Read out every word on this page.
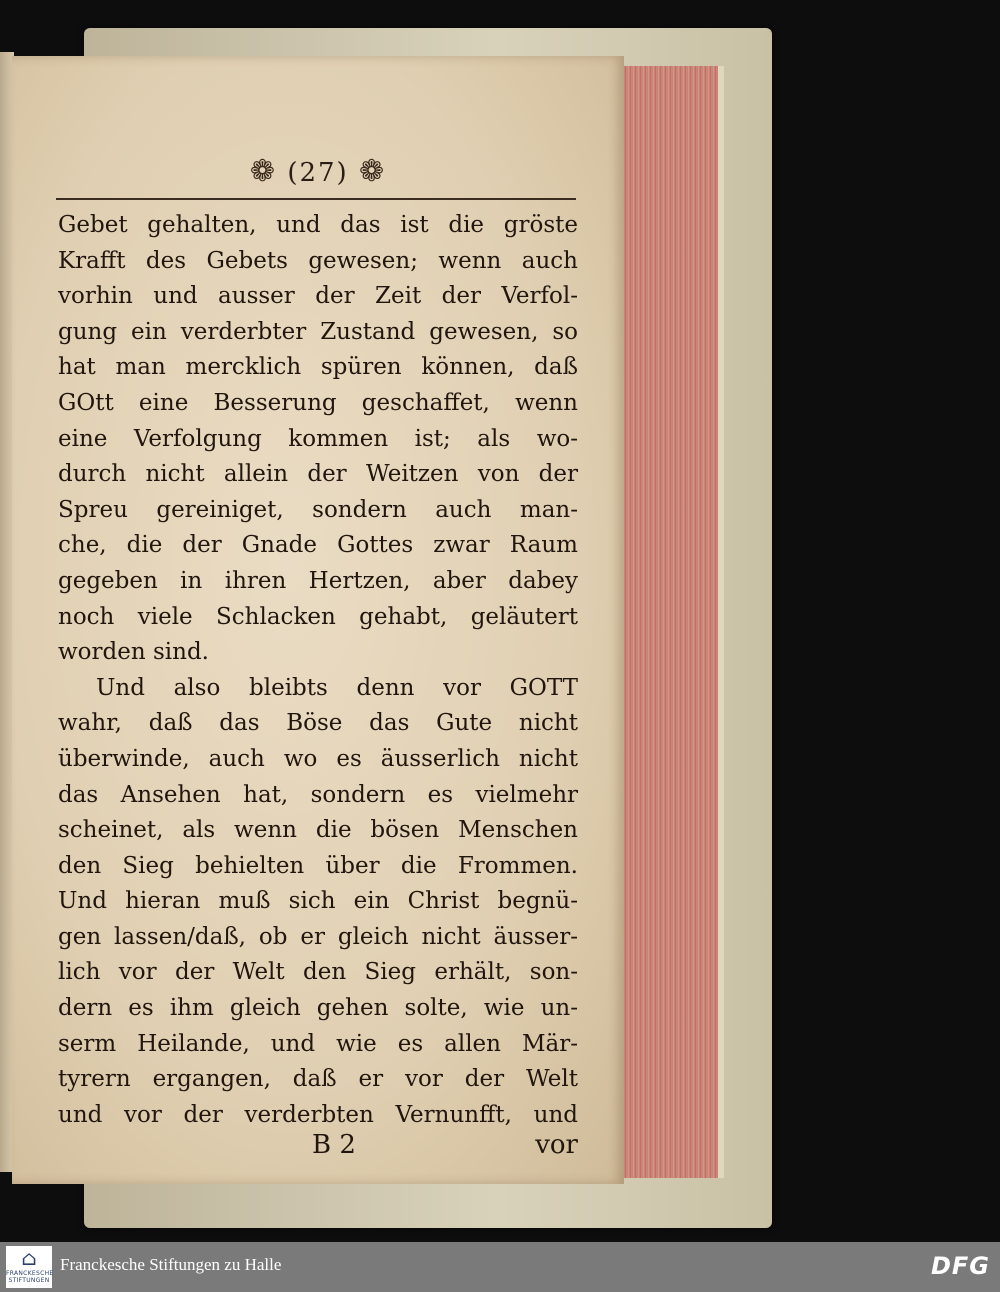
❁ (27) ❁
Gebet gehalten, und das ist die gröste
Krafft des Gebets gewesen; wenn auch
vorhin und ausser der Zeit der Verfol-
gung ein verderbter Zustand gewesen, so
hat man mercklich spüren können, daß
GOtt eine Besserung geschaffet, wenn
eine Verfolgung kommen ist; als wo-
durch nicht allein der Weitzen von der
Spreu gereiniget, sondern auch man-
che, die der Gnade Gottes zwar Raum
gegeben in ihren Hertzen, aber dabey
noch viele Schlacken gehabt, geläutert
worden sind.
Und also bleibts denn vor GOTT
wahr, daß das Böse das Gute nicht
überwinde, auch wo es äusserlich nicht
das Ansehen hat, sondern es vielmehr
scheinet, als wenn die bösen Menschen
den Sieg behielten über die Frommen.
Und hieran muß sich ein Christ begnü-
gen lassen/daß, ob er gleich nicht äusser-
lich vor der Welt den Sieg erhält, son-
dern es ihm gleich gehen solte, wie un-
serm Heilande, und wie es allen Mär-
tyrern ergangen, daß er vor der Welt
und vor der verderbten Vernunfft, und
B 2	vor
⌂
FRANCKESCHE STIFTUNGEN
Franckesche Stiftungen zu Halle	DFG
